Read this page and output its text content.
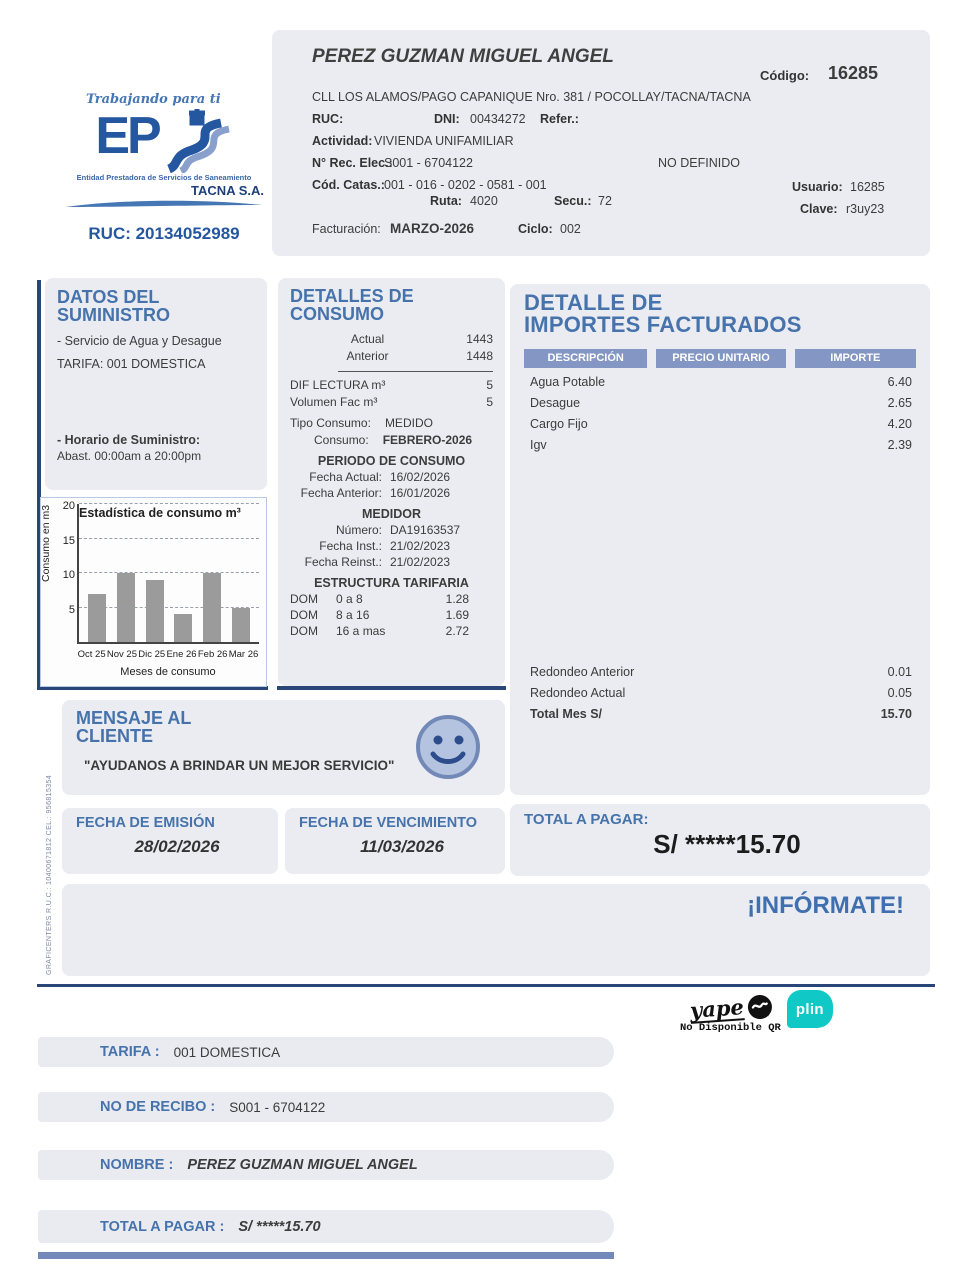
Trabajando para ti
EP
Entidad Prestadora de Servicios de Saneamiento
TACNA S.A.
RUC: 20134052989
PEREZ GUZMAN MIGUEL ANGEL
Código: 16285
CLL LOS ALAMOS/PAGO CAPANIQUE Nro. 381 / POCOLLAY/TACNA/TACNA
RUC:	DNI: 00434272 Refer.:
Actividad: VIVIENDA UNIFAMILIAR
N° Rec. Elec.:
S001 - 6704122	NO DEFINIDO
Cód. Catas.: 001 - 016 - 0202 - 0581 - 001
Ruta: 4020	Secu.: 72
Usuario: 16285
Clave: r3uy23
Facturación: MARZO-2026	Ciclo: 002
DATOS DEL
SUMINISTRO
- Servicio de Agua y Desague
TARIFA: 001 DOMESTICA
- Horario de Suministro:
Abast. 00:00am a 20:00pm
Estadística de consumo m³
Consumo en m3
5
10
15
20
Oct 25 Nov 25 Dic 25 Ene 26 Feb 26 Mar 26
Meses de consumo
DETALLES DE
CONSUMO
Actual	1443
Anterior	1448
DIF LECTURA m³	5
Volumen Fac m³	5
Tipo Consumo: MEDIDO
Consumo: FEBRERO-2026
PERIODO DE CONSUMO
Fecha Actual: 16/02/2026
Fecha Anterior: 16/01/2026
MEDIDOR
Número: DA19163537
Fecha Inst.: 21/02/2023
Fecha Reinst.: 21/02/2023
ESTRUCTURA TARIFARIA
DOM	0 a 8	1.28
DOM	8 a 16	1.69
DOM	16 a mas	2.72
DETALLE DE
IMPORTES FACTURADOS
DESCRIPCIÓN	PRECIO UNITARIO	IMPORTE
Agua Potable	6.40
Desague	2.65
Cargo Fijo	4.20
Igv	2.39
Redondeo Anterior	0.01
Redondeo Actual	0.05
Total Mes S/	15.70
MENSAJE AL
CLIENTE
"AYUDANOS A BRINDAR UN MEJOR SERVICIO"
FECHA DE EMISIÓN
28/02/2026
FECHA DE VENCIMIENTO
11/03/2026
TOTAL A PAGAR:
S/ *****15.70
¡INFÓRMATE!
GRAFICENTERS R.U.C.: 10400671812 CEL.: 956815354
yape	plin
No Disponible QR
TARIFA : 001 DOMESTICA
NO DE RECIBO : S001 - 6704122
NOMBRE : PEREZ GUZMAN MIGUEL ANGEL
TOTAL A PAGAR : S/ *****15.70
